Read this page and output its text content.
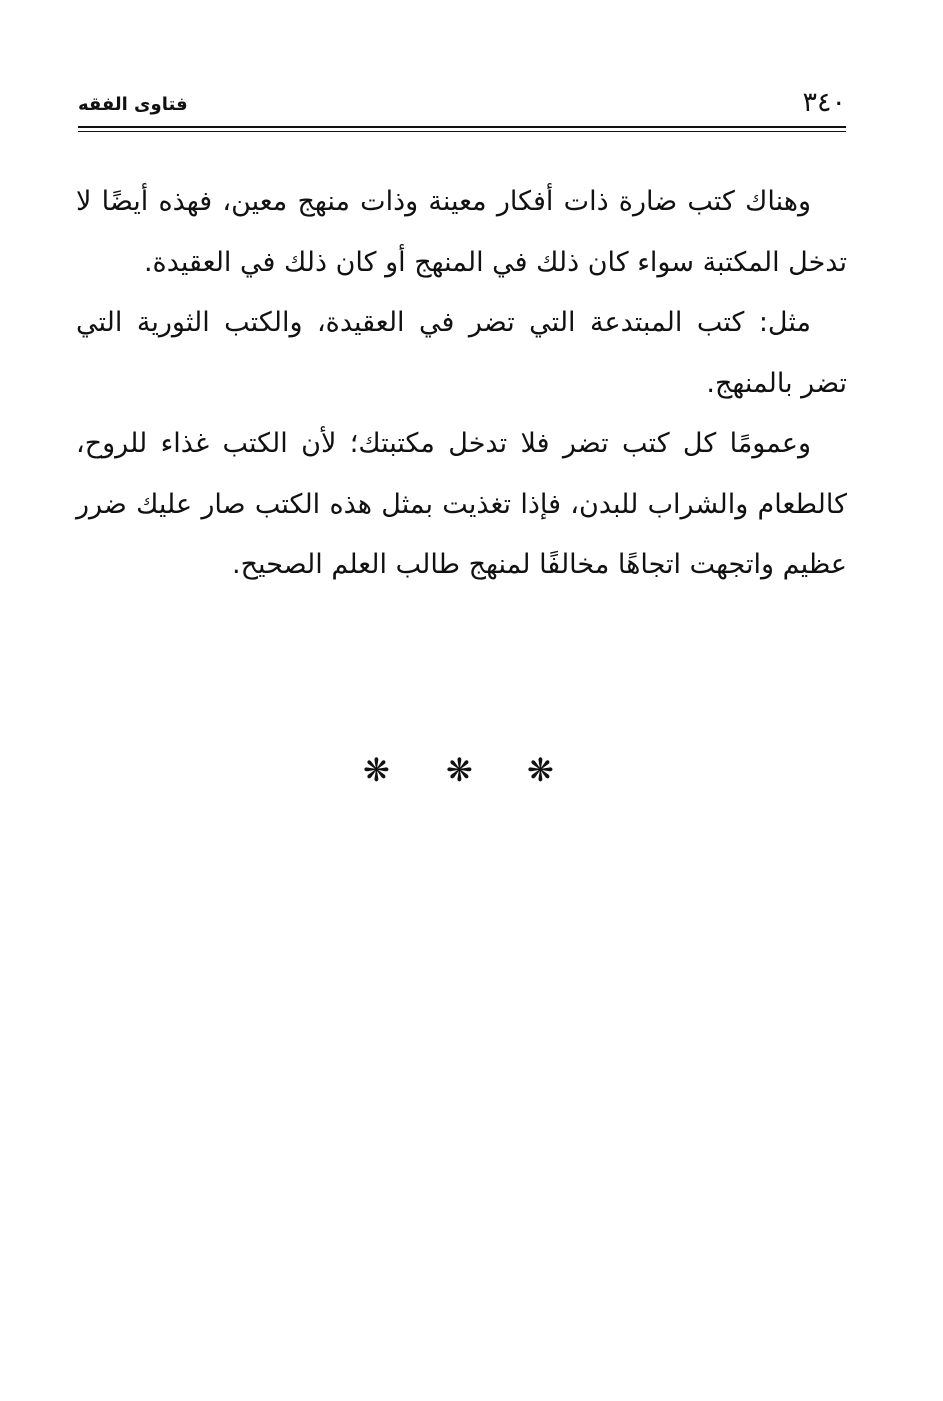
٣٤٠
فتاوى الفقه

وهناك كتب ضارة ذات أفكار معينة وذات منهج معين، فهذه أيضًا لا تدخل المكتبة سواء كان ذلك في المنهج أو كان ذلك في العقيدة.

مثل: كتب المبتدعة التي تضر في العقيدة، والكتب الثورية التي تضر بالمنهج.

وعمومًا كل كتب تضر فلا تدخل مكتبتك؛ لأن الكتب غذاء للروح، كالطعام والشراب للبدن، فإذا تغذيت بمثل هذه الكتب صار عليك ضرر عظيم واتجهت اتجاهًا مخالفًا لمنهج طالب العلم الصحيح.

❋ ❋ ❋
